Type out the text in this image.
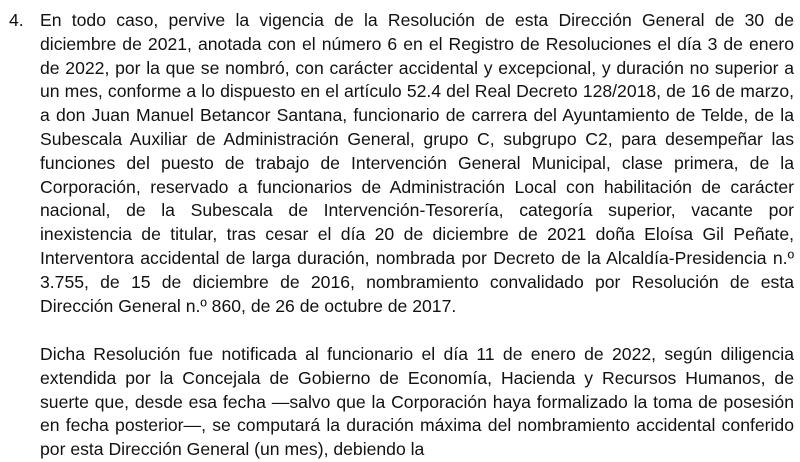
4. En todo caso, pervive la vigencia de la Resolución de esta Dirección General de 30 de diciembre de 2021, anotada con el número 6 en el Registro de Resoluciones el día 3 de enero de 2022, por la que se nombró, con carácter accidental y excepcional, y duración no superior a un mes, conforme a lo dispuesto en el artículo 52.4 del Real Decreto 128/2018, de 16 de marzo, a don Juan Manuel Betancor Santana, funcionario de carrera del Ayuntamiento de Telde, de la Subescala Auxiliar de Administración General, grupo C, subgrupo C2, para desempeñar las funciones del puesto de trabajo de Intervención General Municipal, clase primera, de la Corporación, reservado a funcionarios de Administración Local con habilitación de carácter nacional, de la Subescala de Intervención-Tesorería, categoría superior, vacante por inexistencia de titular, tras cesar el día 20 de diciembre de 2021 doña Eloísa Gil Peñate, Interventora accidental de larga duración, nombrada por Decreto de la Alcaldía-Presidencia n.º 3.755, de 15 de diciembre de 2016, nombramiento convalidado por Resolución de esta Dirección General n.º 860, de 26 de octubre de 2017.

Dicha Resolución fue notificada al funcionario el día 11 de enero de 2022, según diligencia extendida por la Concejala de Gobierno de Economía, Hacienda y Recursos Humanos, de suerte que, desde esa fecha —salvo que la Corporación haya formalizado la toma de posesión en fecha posterior—, se computará la duración máxima del nombramiento accidental conferido por esta Dirección General (un mes), debiendo la
